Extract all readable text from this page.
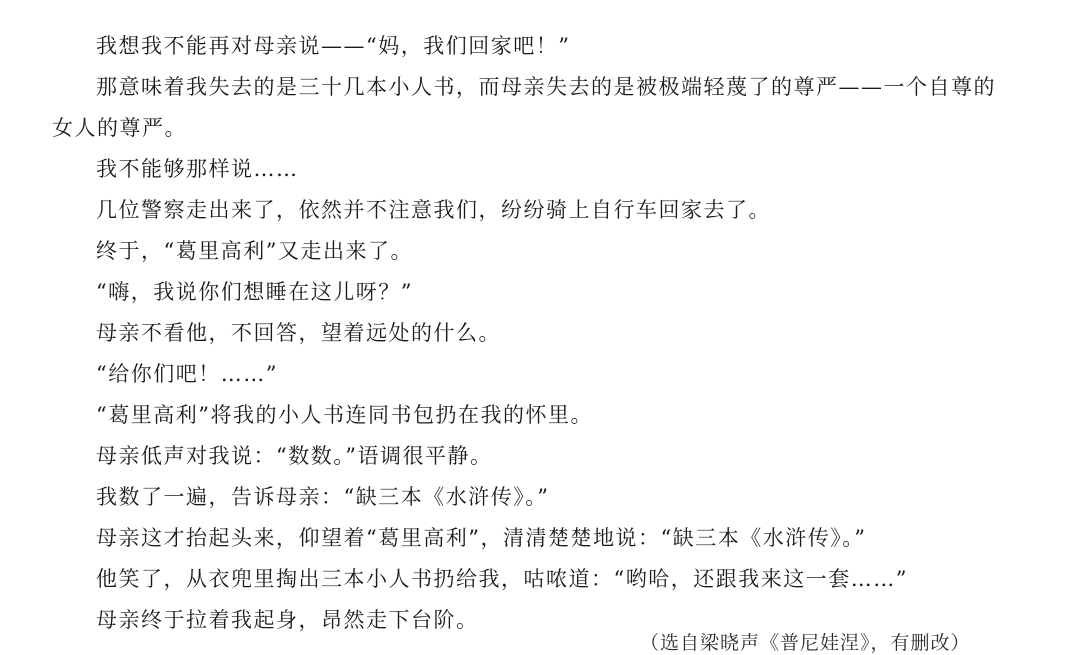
我想我不能再对母亲说——“妈，我们回家吧！”

那意味着我失去的是三十几本小人书，而母亲失去的是被极端轻蔑了的尊严——一个自尊的女人的尊严。

我不能够那样说……

几位警察走出来了，依然并不注意我们，纷纷骑上自行车回家去了。

终于，“葛里高利”又走出来了。

“嗨，我说你们想睡在这儿呀？”

母亲不看他，不回答，望着远处的什么。

“给你们吧！……”

“葛里高利”将我的小人书连同书包扔在我的怀里。

母亲低声对我说：“数数。”语调很平静。

我数了一遍，告诉母亲：“缺三本《水浒传》。”

母亲这才抬起头来，仰望着“葛里高利”，清清楚楚地说：“缺三本《水浒传》。”

他笑了，从衣兜里掏出三本小人书扔给我，咕哝道：“哟哈，还跟我来这一套……”

母亲终于拉着我起身，昂然走下台阶。

（选自梁晓声《普尼娃涅》，有删改）
